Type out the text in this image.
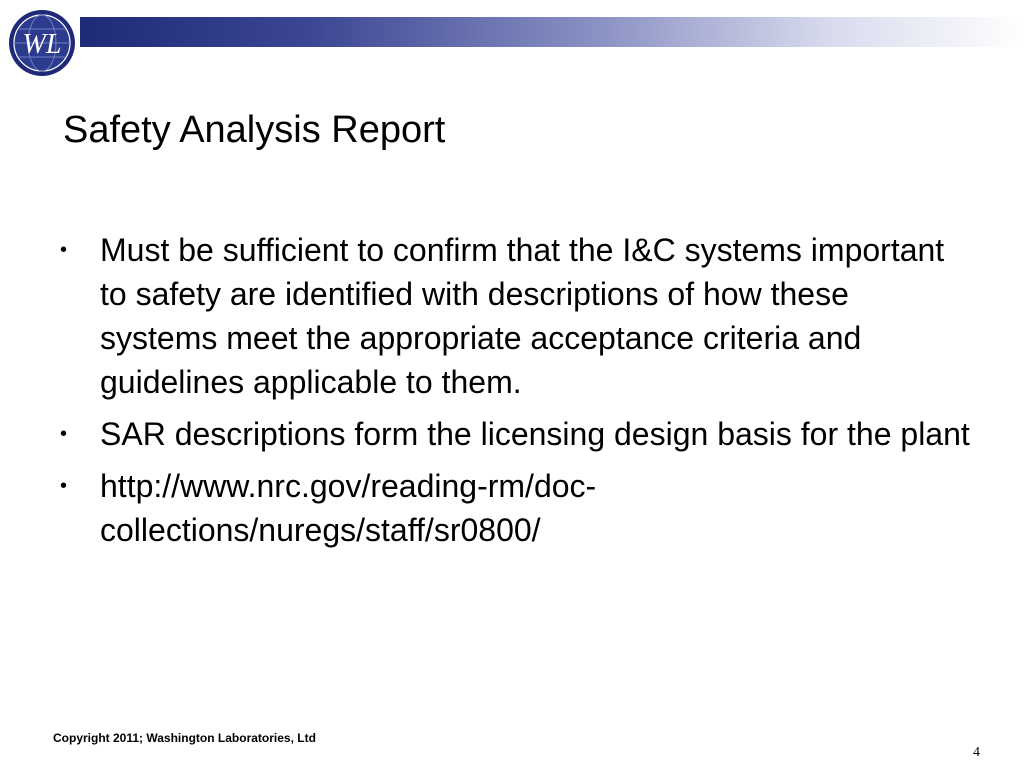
WL
Safety Analysis Report
• Must be sufficient to confirm that the I&C systems important to safety are identified with descriptions of how these systems meet the appropriate acceptance criteria and guidelines applicable to them.
• SAR descriptions form the licensing design basis for the plant
• http://www.nrc.gov/reading-rm/doc-collections/nuregs/staff/sr0800/
Copyright 2011; Washington Laboratories, Ltd
4
